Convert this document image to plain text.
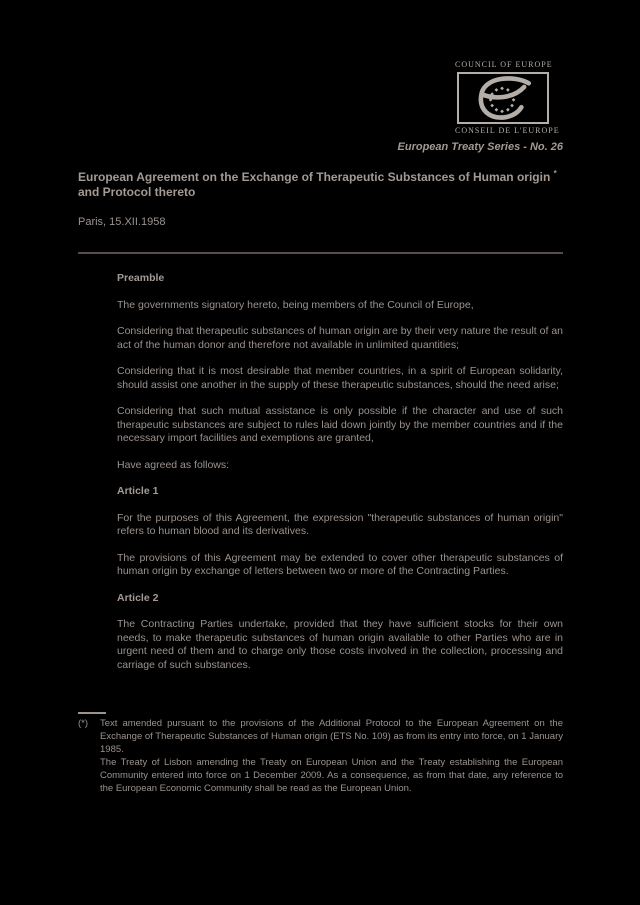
COUNCIL OF EUROPE
CONSEIL DE L'EUROPE
European Treaty Series - No. 26
European Agreement on the Exchange of Therapeutic Substances of Human origin *
and Protocol thereto
Paris, 15.XII.1958
Preamble
The governments signatory hereto, being members of the Council of Europe,
Considering that therapeutic substances of human origin are by their very nature the result of an act of the human donor and therefore not available in unlimited quantities;
Considering that it is most desirable that member countries, in a spirit of European solidarity, should assist one another in the supply of these therapeutic substances, should the need arise;
Considering that such mutual assistance is only possible if the character and use of such therapeutic substances are subject to rules laid down jointly by the member countries and if the necessary import facilities and exemptions are granted,
Have agreed as follows:
Article 1
For the purposes of this Agreement, the expression "therapeutic substances of human origin" refers to human blood and its derivatives.
The provisions of this Agreement may be extended to cover other therapeutic substances of human origin by exchange of letters between two or more of the Contracting Parties.
Article 2
The Contracting Parties undertake, provided that they have sufficient stocks for their own needs, to make therapeutic substances of human origin available to other Parties who are in urgent need of them and to charge only those costs involved in the collection, processing and carriage of such substances.
(*)	Text amended pursuant to the provisions of the Additional Protocol to the European Agreement on the Exchange of Therapeutic Substances of Human origin (ETS No. 109) as from its entry into force, on 1 January 1985.

The Treaty of Lisbon amending the Treaty on European Union and the Treaty establishing the European Community entered into force on 1 December 2009. As a consequence, as from that date, any reference to the European Economic Community shall be read as the European Union.
